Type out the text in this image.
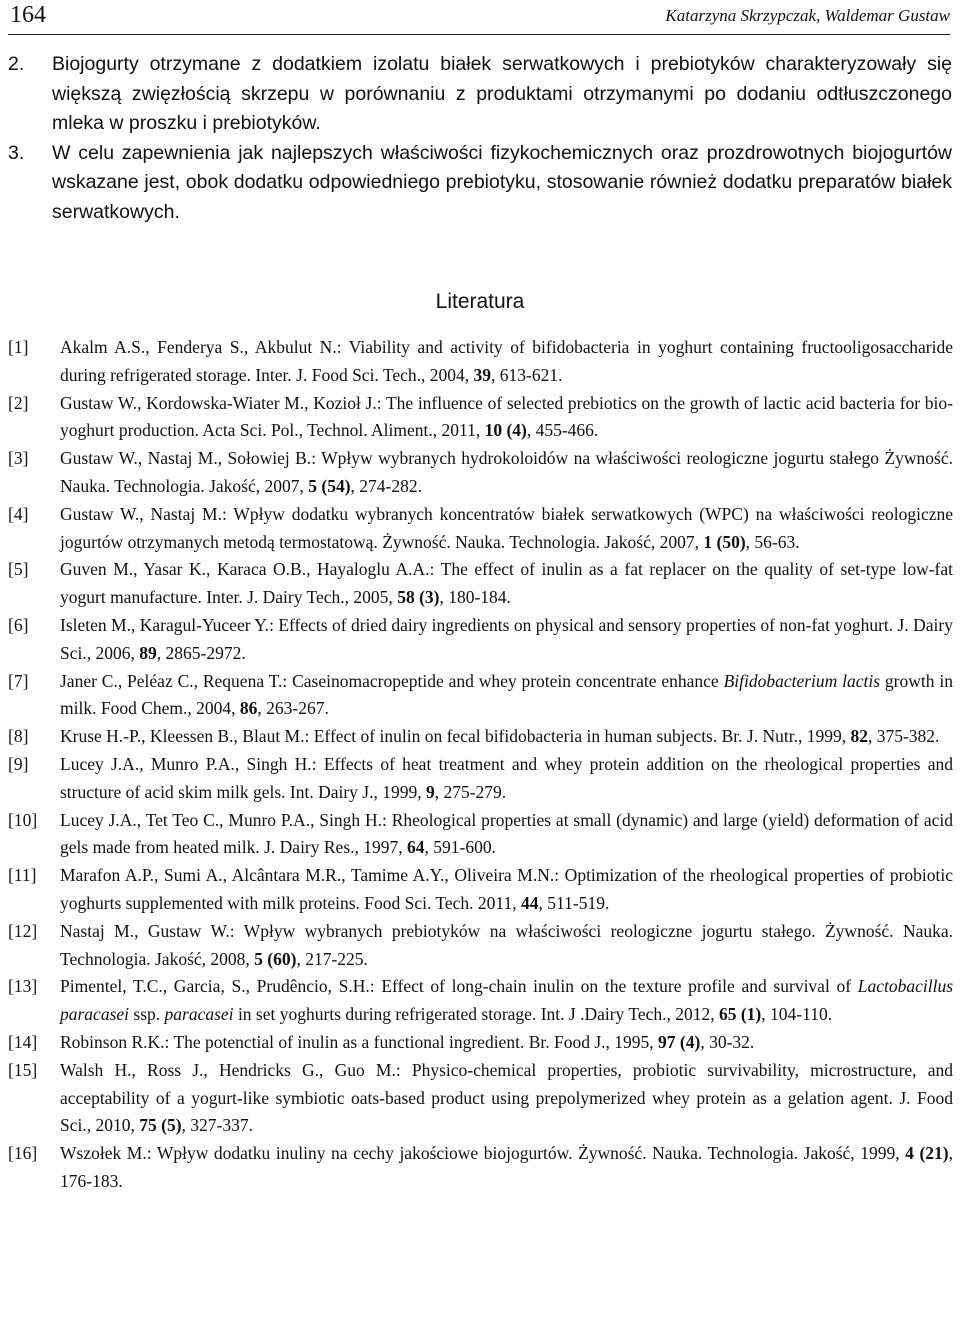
164	Katarzyna Skrzypczak, Waldemar Gustaw
2.	Biojogurty otrzymane z dodatkiem izolatu białek serwatkowych i prebiotyków charakteryzowały się większą zwięzłością skrzepu w porównaniu z produktami otrzymanymi po dodaniu odtłuszczonego mleka w proszku i prebiotyków.
3.	W celu zapewnienia jak najlepszych właściwości fizykochemicznych oraz prozdrowotnych biojogurtów wskazane jest, obok dodatku odpowiedniego prebiotyku, stosowanie również dodatku preparatów białek serwatkowych.
Literatura
[1]	Akalm A.S., Fenderya S., Akbulut N.: Viability and activity of bifidobacteria in yoghurt containing fructooligosaccharide during refrigerated storage. Inter. J. Food Sci. Tech., 2004, 39, 613-621.
[2]	Gustaw W., Kordowska-Wiater M., Kozioł J.: The influence of selected prebiotics on the growth of lactic acid bacteria for bio-yoghurt production. Acta Sci. Pol., Technol. Aliment., 2011, 10 (4), 455-466.
[3]	Gustaw W., Nastaj M., Sołowiej B.: Wpływ wybranych hydrokoloidów na właściwości reologiczne jogurtu stałego Żywność. Nauka. Technologia. Jakość, 2007, 5 (54), 274-282.
[4]	Gustaw W., Nastaj M.: Wpływ dodatku wybranych koncentratów białek serwatkowych (WPC) na właściwości reologiczne jogurtów otrzymanych metodą termostatową. Żywność. Nauka. Technologia. Jakość, 2007, 1 (50), 56-63.
[5]	Guven M., Yasar K., Karaca O.B., Hayaloglu A.A.: The effect of inulin as a fat replacer on the quality of set-type low-fat yogurt manufacture. Inter. J. Dairy Tech., 2005, 58 (3), 180-184.
[6]	Isleten M., Karagul-Yuceer Y.: Effects of dried dairy ingredients on physical and sensory properties of non-fat yoghurt. J. Dairy Sci., 2006, 89, 2865-2972.
[7]	Janer C., Peléaz C., Requena T.: Caseinomacropeptide and whey protein concentrate enhance Bifidobacterium lactis growth in milk. Food Chem., 2004, 86, 263-267.
[8]	Kruse H.-P., Kleessen B., Blaut M.: Effect of inulin on fecal bifidobacteria in human subjects. Br. J. Nutr., 1999, 82, 375-382.
[9]	Lucey J.A., Munro P.A., Singh H.: Effects of heat treatment and whey protein addition on the rheological properties and structure of acid skim milk gels. Int. Dairy J., 1999, 9, 275-279.
[10]	Lucey J.A., Tet Teo C., Munro P.A., Singh H.: Rheological properties at small (dynamic) and large (yield) deformation of acid gels made from heated milk. J. Dairy Res., 1997, 64, 591-600.
[11]	Marafon A.P., Sumi A., Alcântara M.R., Tamime A.Y., Oliveira M.N.: Optimization of the rheological properties of probiotic yoghurts supplemented with milk proteins. Food Sci. Tech. 2011, 44, 511-519.
[12]	Nastaj M., Gustaw W.: Wpływ wybranych prebiotyków na właściwości reologiczne jogurtu stałego. Żywność. Nauka. Technologia. Jakość, 2008, 5 (60), 217-225.
[13]	Pimentel, T.C., Garcia, S., Prudêncio, S.H.: Effect of long-chain inulin on the texture profile and survival of Lactobacillus paracasei ssp. paracasei in set yoghurts during refrigerated storage. Int. J .Dairy Tech., 2012, 65 (1), 104-110.
[14]	Robinson R.K.: The potenctial of inulin as a functional ingredient. Br. Food J., 1995, 97 (4), 30-32.
[15]	Walsh H., Ross J., Hendricks G., Guo M.: Physico-chemical properties, probiotic survivability, microstructure, and acceptability of a yogurt-like symbiotic oats-based product using prepolymerized whey protein as a gelation agent. J. Food Sci., 2010, 75 (5), 327-337.
[16]	Wszołek M.: Wpływ dodatku inuliny na cechy jakościowe biojogurtów. Żywność. Nauka. Technologia. Jakość, 1999, 4 (21), 176-183.
